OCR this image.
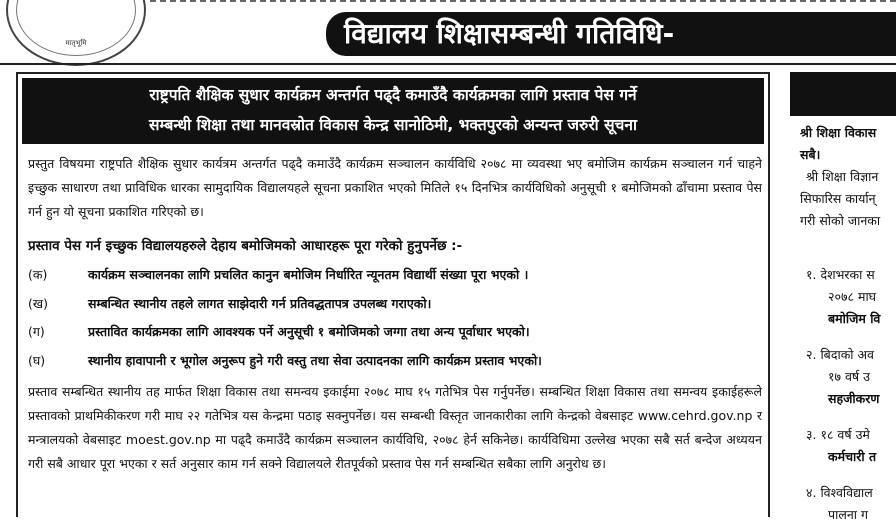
मातृभूमि	विद्यालय शिक्षासम्बन्धी गतिविधि-
राष्ट्रपति शैक्षिक सुधार कार्यक्रम अन्तर्गत पढ्दै कमाउँदै कार्यक्रमका लागि प्रस्ताव पेस गर्ने
सम्बन्धी शिक्षा तथा मानवस्रोत विकास केन्द्र सानोठिमी, भक्तपुरको अन्यन्त जरुरी सूचना
प्रस्तुत विषयमा राष्ट्रपति शैक्षिक सुधार कार्यत्रम अन्तर्गत पढ्दै कमाउँदै कार्यक्रम सञ्चालन कार्यविधि २०७८ मा व्यवस्था भए बमोजिम कार्यक्रम सञ्चालन गर्न चाहने इच्छुक साधारण तथा प्राविधिक धारका सामुदायिक विद्यालयहले सूचना प्रकाशित भएको मितिले १५ दिनभित्र कार्यविधिको अनुसूची १ बमोजिमको ढाँचामा प्रस्ताव पेस गर्न हुन यो सूचना प्रकाशित गरिएको छ।
प्रस्ताव पेस गर्न इच्छुक विद्यालयहरुले देहाय बमोजिमको आधारहरू पूरा गरेको हुनुपर्नेछ :-
(क)	कार्यक्रम सञ्चालनका लागि प्रचलित कानुन बमोजिम निर्धारित न्यूनतम विद्यार्थी संख्या पूरा भएको ।
(ख)	सम्बन्धित स्थानीय तहले लागत साझेदारी गर्न प्रतिवद्धतापत्र उपलब्ध गराएको।
(ग)	प्रस्तावित कार्यक्रमका लागि आवश्यक पर्ने अनुसूची १ बमोजिमको जग्गा तथा अन्य पूर्वाधार भएको।
(घ)	स्थानीय हावापानी र भूगोल अनुरूप हुने गरी वस्तु तथा सेवा उत्पादनका लागि कार्यक्रम प्रस्ताव भएको।
प्रस्ताव सम्बन्धित स्थानीय तह मार्फत शिक्षा विकास तथा समन्वय इकाईमा २०७८ माघ १५ गतेभित्र पेस गर्नुपर्नेछ। सम्बन्धित शिक्षा विकास तथा समन्वय इकाईहरूले प्रस्तावको प्राथमिकीकरण गरी माघ २२ गतेभित्र यस केन्द्रमा पठाइ सक्नुपर्नेछ। यस सम्बन्धी विस्तृत जानकारीका लागि केन्द्रको वेबसाइट www.cehrd.gov.np र मन्त्रालयको वेबसाइट moest.gov.np मा पढ्दै कमाउँदै कार्यक्रम सञ्चालन कार्यविधि, २०७८ हेर्न सकिनेछ। कार्यविधिमा उल्लेख भएका सबै सर्त बन्देज अध्ययन गरी सबै आधार पूरा भएका र सर्त अनुसार काम गर्न सक्ने विद्यालयले रीतपूर्वको प्रस्ताव पेस गर्न सम्बन्धित सबैका लागि अनुरोध छ।
श्री शिक्षा विकास
सबै।
श्री शिक्षा विज्ञान
सिफारिस कार्यान्
गरी सोको जानका
१. देशभरका स
२०७८ माघ
बमोजिम वि
२. बिदाको अव
१७ वर्ष उ
सहजीकरण
३. १८ वर्ष उमे
कर्मचारी त
४. विश्वविद्याल
पालना ग
